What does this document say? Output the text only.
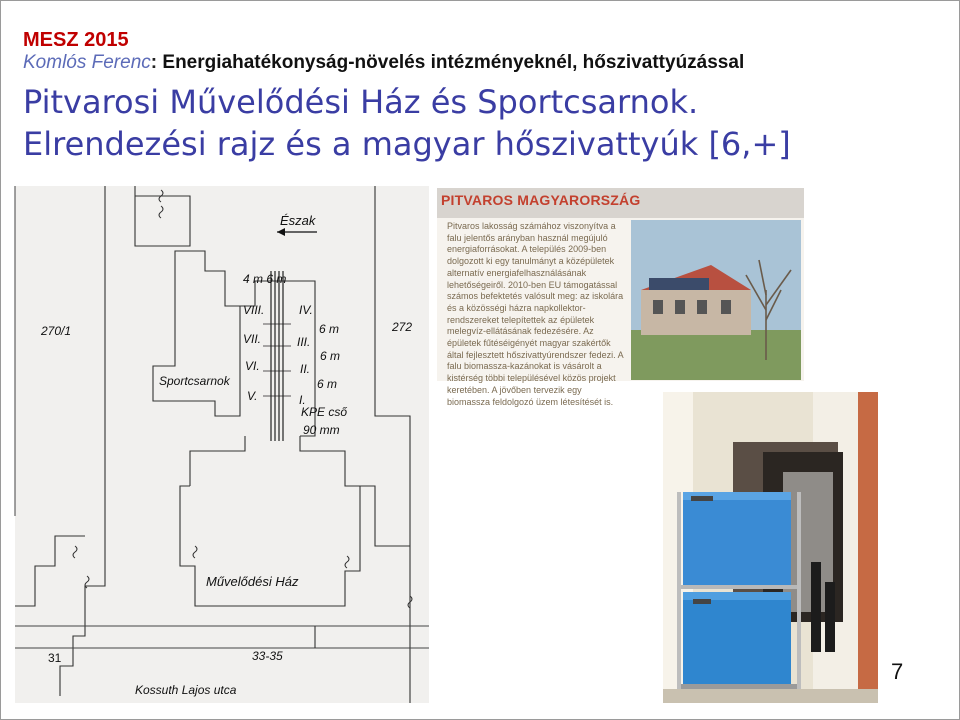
MESZ 2015
Komlós Ferenc: Energiahatékonyság-növelés intézményeknél, hőszivattyúzással
Pitvarosi Művelődési Ház és Sportcsarnok.
Elrendezési rajz és a magyar hőszivattyúk [6,+]
Észak
4 m 6 m
270/1	272
VIII.
VII.
VI.
V.
IV.
III.
II.
I.
6 m
6 m
6 m
KPE cső
90 mm
Sportcsarnok
Művelődési Ház
31	33-35
Kossuth Lajos utca
PITVAROS MAGYARORSZÁG
Pitvaros lakosság számához viszonyítva a falu jelentős arányban használ megújuló energiaforrásokat. A település 2009-ben dolgozott ki egy tanulmányt a középületek alternatív energiafelhasználásának lehetőségeiről. 2010-ben EU támogatással számos befektetés valósult meg: az iskolára és a közösségi házra napkollektor-rendszereket telepítettek az épületek melegvíz-ellátásának fedezésére. Az épületek fűtéséigényét magyar szakértők által fejlesztett hőszivattyúrendszer fedezi. A falu biomassza-kazánokat is vásárolt a kistérség többi településével közös projekt keretében. A jövőben tervezik egy biomassza feldolgozó üzem létesítését is.
7
